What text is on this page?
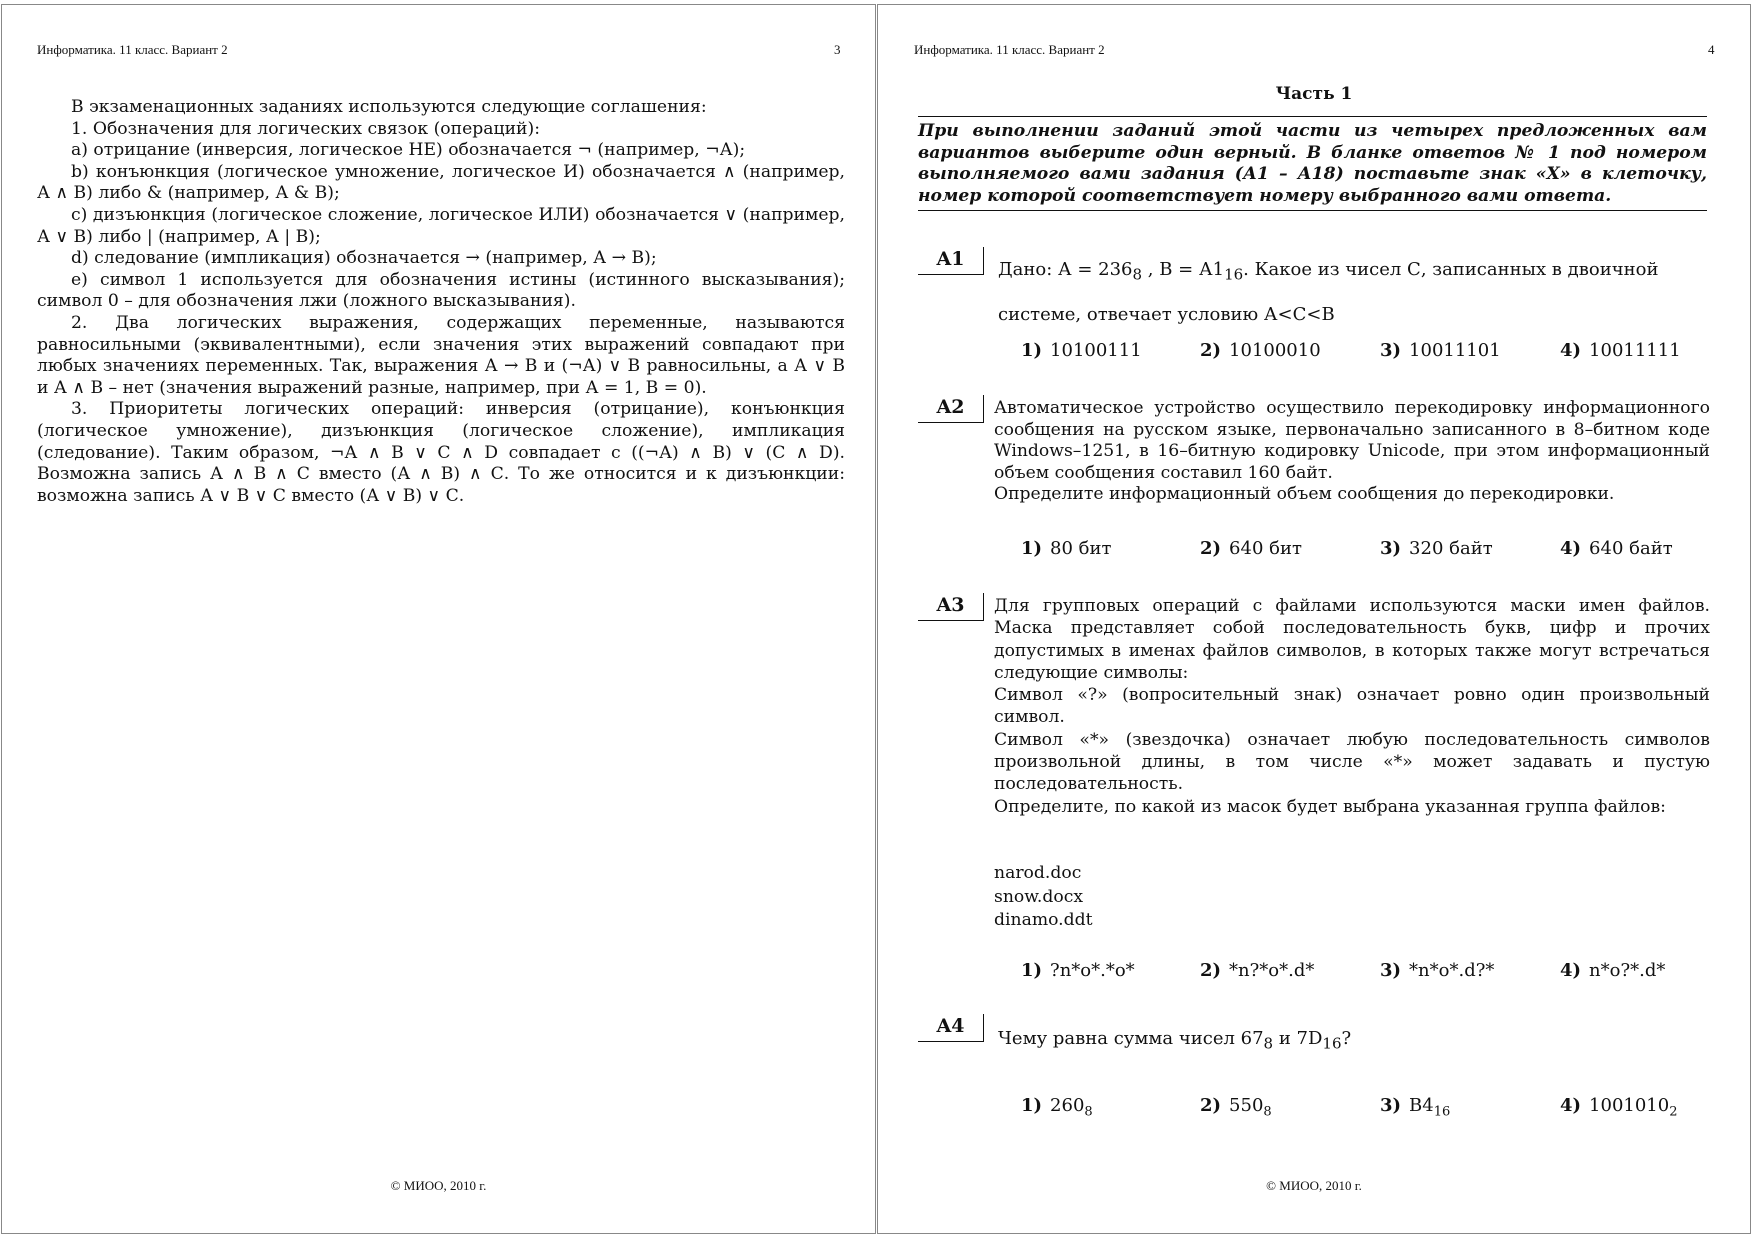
Информатика. 11 класс. Вариант 2	3

В экзаменационных заданиях используются следующие соглашения:

1. Обозначения для логических связок (операций):

a) отрицание (инверсия, логическое НЕ) обозначается ¬ (например, ¬А);

b) конъюнкция (логическое умножение, логическое И) обозначается ∧ (например, А ∧ В) либо & (например, А & В);

c) дизъюнкция (логическое сложение, логическое ИЛИ) обозначается ∨ (например, А ∨ В) либо | (например, А | В);

d) следование (импликация) обозначается → (например, А → В);

e) символ 1 используется для обозначения истины (истинного высказывания); символ 0 – для обозначения лжи (ложного высказывания).

2. Два логических выражения, содержащих переменные, называются равносильными (эквивалентными), если значения этих выражений совпадают при любых значениях переменных. Так, выражения А → В и (¬А) ∨ В равносильны, а А ∨ В и А ∧ В – нет (значения выражений разные, например, при А = 1, В = 0).

3. Приоритеты логических операций: инверсия (отрицание), конъюнкция (логическое умножение), дизъюнкция (логическое сложение), импликация (следование). Таким образом, ¬А ∧ В ∨ С ∧ D совпадает с ((¬А) ∧ В) ∨ (С ∧ D). Возможна запись А ∧ В ∧ С вместо (А ∧ В) ∧ С. То же относится и к дизъюнкции: возможна запись А ∨ В ∨ С вместо (А ∨ В) ∨ С.

© МИОО, 2010 г.
Информатика. 11 класс. Вариант 2	4
Часть 1
При выполнении заданий этой части из четырех предложенных вам вариантов выберите один верный. В бланке ответов № 1 под номером выполняемого вами задания (А1 – А18) поставьте знак «X» в клеточку, номер которой соответствует номеру выбранного вами ответа.
A1	Дано: $А = 236_8$ , $В = А1_{16}$. Какое из чисел С, записанных в двоичной
системе, отвечает условию А<C<B
1) 10100111	2) 10100010	3) 10011101	4) 10011111
A2	Автоматическое устройство осуществило перекодировку информационного сообщения на русском языке, первоначально записанного в 8–битном коде Windows–1251, в 16–битную кодировку Unicode, при этом информационный объем сообщения составил 160 байт.

Определите информационный объем сообщения до перекодировки.

1) 80 бит	2) 640 бит	3) 320 байт	4) 640 байт
A3	Для групповых операций с файлами используются маски имен файлов. Маска представляет собой последовательность букв, цифр и прочих допустимых в именах файлов символов, в которых также могут встречаться следующие символы:

Символ «?» (вопросительный знак) означает ровно один произвольный символ.

Символ «*» (звездочка) означает любую последовательность символов произвольной длины, в том числе «*» может задавать и пустую последовательность.

Определите, по какой из масок будет выбрана указанная группа файлов:

narod.doc

snow.docx

dinamo.ddt

1) ?n*o*.*o*	2) *n?*o*.d*	3) *n*o*.d?*	4) n*o?*.d*
A4
Чему равна сумма чисел $67_8$ и $7D_{16}$?
1) $260_8$	2) $550_8$	3) $B4_{16}$	4) $1001010_2$
© МИОО, 2010 г.
